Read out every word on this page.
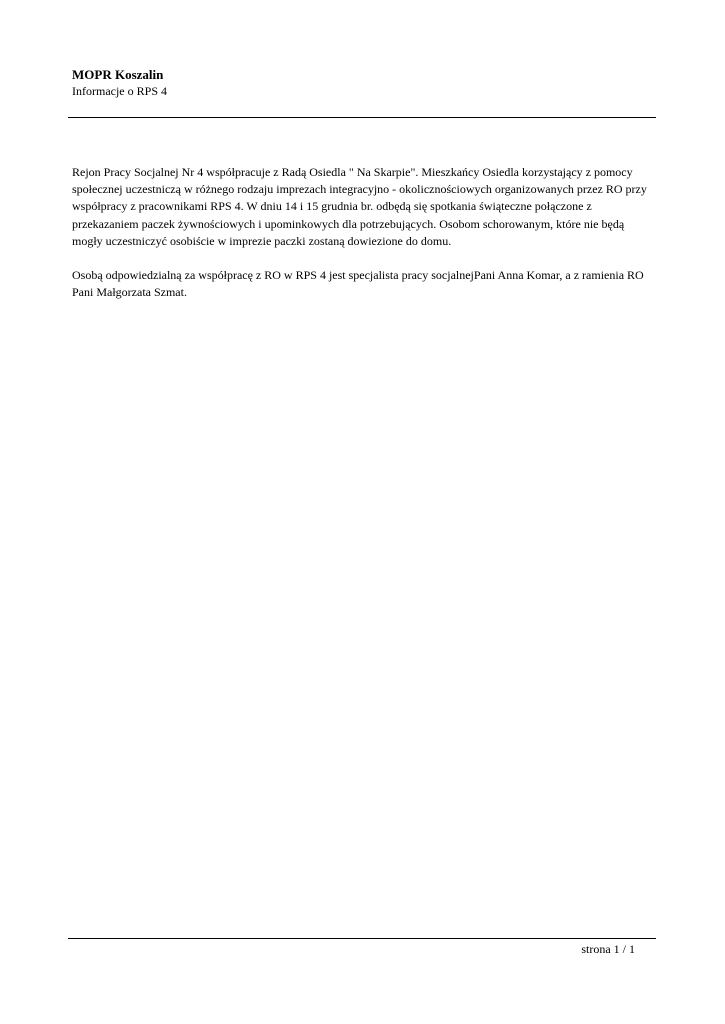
MOPR Koszalin

Informacje o RPS 4

Rejon Pracy Socjalnej Nr 4 współpracuje z Radą Osiedla " Na Skarpie". Mieszkańcy Osiedla korzystający z pomocy społecznej uczestniczą w różnego rodzaju imprezach integracyjno - okolicznościowych organizowanych przez RO przy współpracy z pracownikami RPS 4. W dniu 14 i 15 grudnia br. odbędą się spotkania świąteczne połączone z przekazaniem paczek żywnościowych i upominkowych dla potrzebujących. Osobom schorowanym, które nie będą mogły uczestniczyć osobiście w imprezie paczki zostaną dowiezione do domu.

Osobą odpowiedzialną za współpracę z RO w RPS 4 jest specjalista pracy socjalnejPani Anna Komar, a z ramienia RO Pani Małgorzata Szmat.

strona 1 / 1
